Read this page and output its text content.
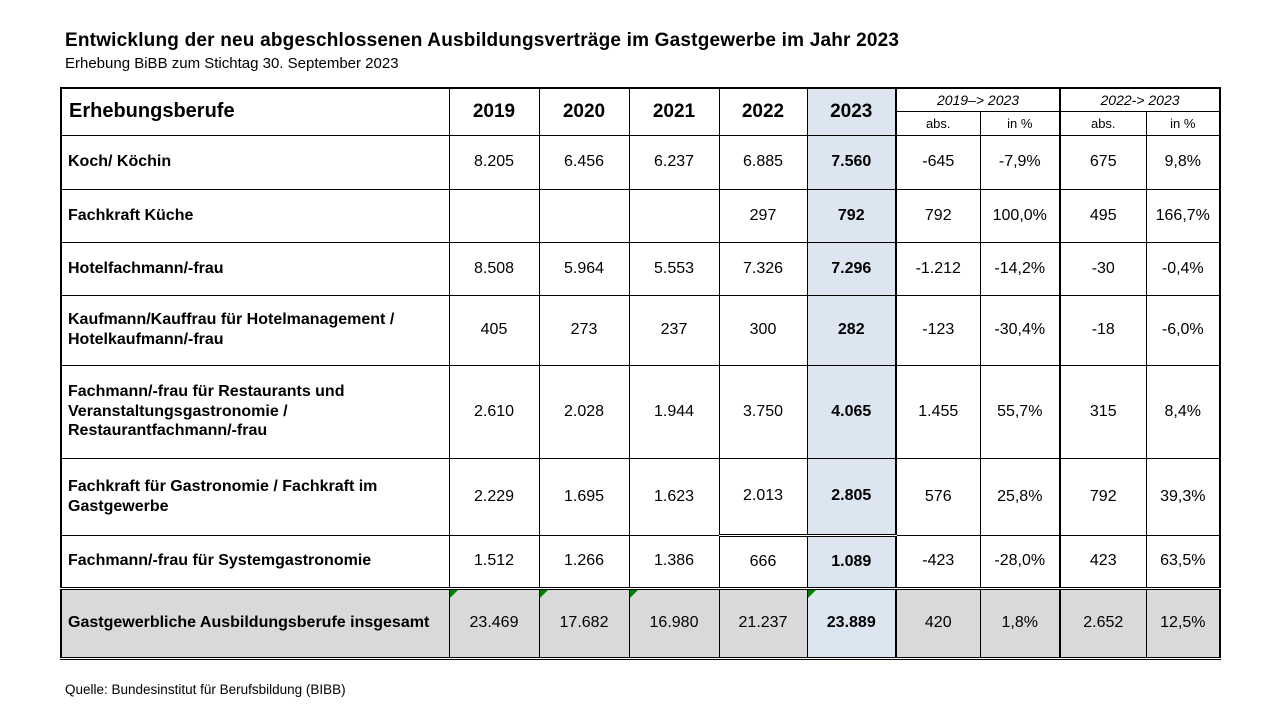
Entwicklung der neu abgeschlossenen Ausbildungsverträge im Gastgewerbe im Jahr 2023
Erhebung BiBB zum Stichtag 30. September 2023
Erhebungsberufe	2019	2020	2021	2022	2023	2019–> 2023		2022-> 2023	
						abs.	in %	abs.	in %
Koch/ Köchin	8.205	6.456	6.237	6.885	7.560	-645	-7,9%	675	9,8%
Fachkraft Küche				297	792	792	100,0%	495	166,7%
Hotelfachmann/-frau	8.508	5.964	5.553	7.326	7.296	-1.212	-14,2%	-30	-0,4%
Kaufmann/Kauffrau für Hotelmanagement / Hotelkaufmann/-frau	405	273	237	300	282	-123	-30,4%	-18	-6,0%
Fachmann/-frau für Restaurants und Veranstaltungsgastronomie / Restaurantfachmann/-frau	2.610	2.028	1.944	3.750	4.065	1.455	55,7%	315	8,4%
Fachkraft für Gastronomie / Fachkraft im Gastgewerbe	2.229	1.695	1.623	2.013	2.805	576	25,8%	792	39,3%
Fachmann/-frau für Systemgastronomie	1.512	1.266	1.386	666	1.089	-423	-28,0%	423	63,5%
Gastgewerbliche Ausbildungsberufe insgesamt	23.469	17.682	16.980	21.237	23.889	420	1,8%	2.652	12,5%
Quelle: Bundesinstitut für Berufsbildung (BIBB)
